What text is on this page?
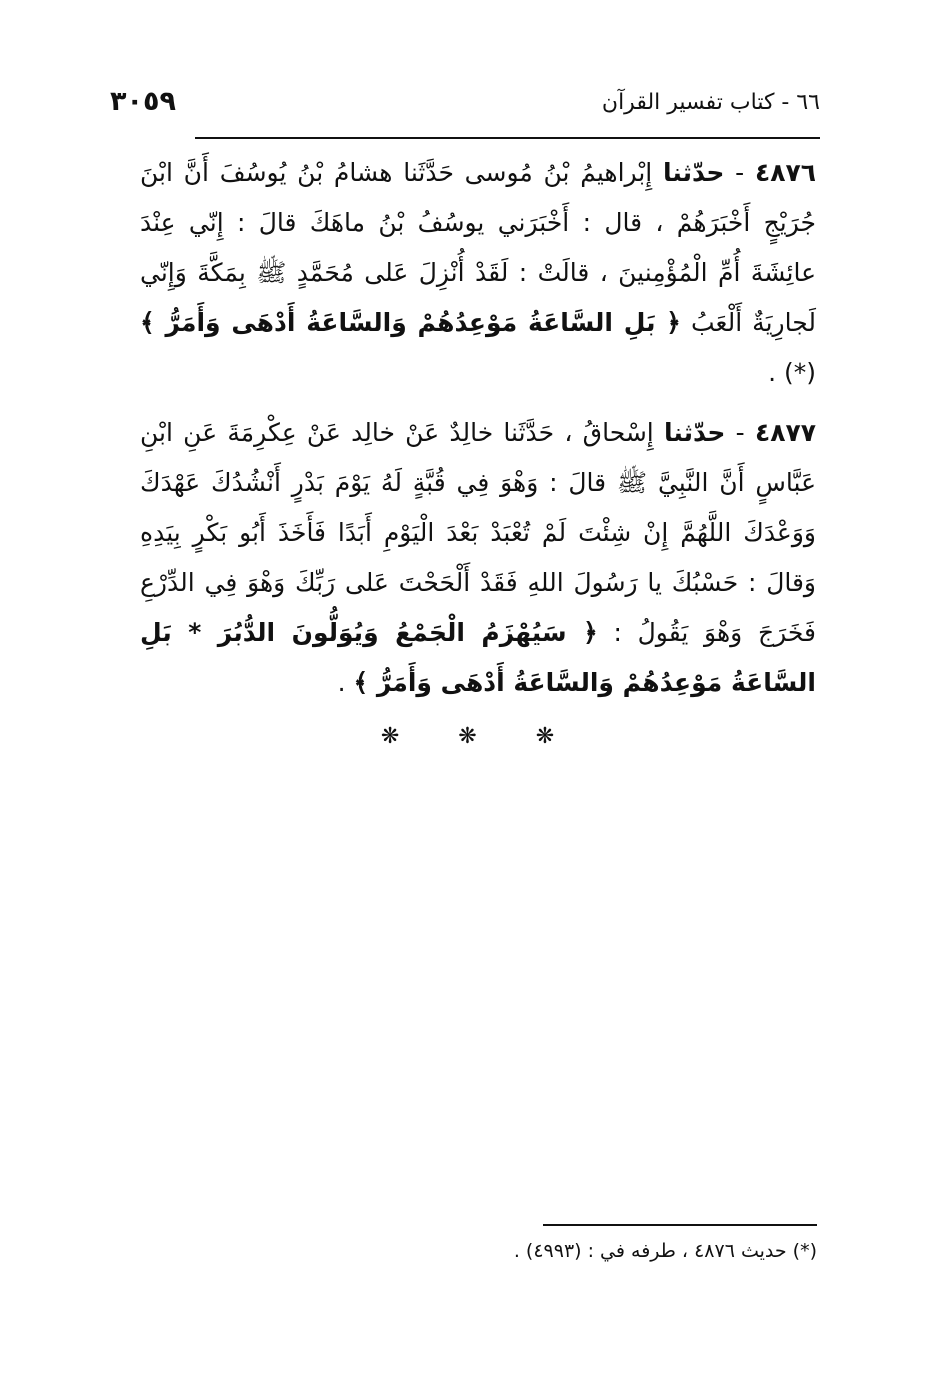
٣٠٥٩	٦٦ - كتاب تفسير القرآن

٤٨٧٦ - حدّثنا إِبْراهيمُ بْنُ مُوسى حَدَّثَنا هشامُ بْنُ يُوسُفَ أَنَّ ابْنَ جُرَيْجٍ أَخْبَرَهُمْ ، قال : أَخْبَرَني يوسُفُ بْنُ ماهَكَ قالَ : إِنّي عِنْدَ عائِشَةَ أُمِّ الْمُؤْمِنينَ ، قالَتْ : لَقَدْ أُنْزِلَ عَلى مُحَمَّدٍ ﷺ بِمَكَّةَ وَإِنّي لَجارِيَةٌ أَلْعَبُ ﴿ بَلِ السَّاعَةُ مَوْعِدُهُمْ وَالسَّاعَةُ أَدْهَى وَأَمَرُّ ﴾(*) .

٤٨٧٧ - حدّثنا إِسْحاقُ ، حَدَّثَنا خالِدٌ عَنْ خالِد عَنْ عِكْرِمَةَ عَنِ ابْنِ عَبَّاسٍ أَنَّ النَّبِيَّ ﷺ قالَ : وَهْوَ فِي قُبَّةٍ لَهُ يَوْمَ بَدْرٍ أَنْشُدُكَ عَهْدَكَ وَوَعْدَكَ اللَّهُمَّ إِنْ شِئْتَ لَمْ تُعْبَدْ بَعْدَ الْيَوْمِ أَبَدًا فَأَخَذَ أَبُو بَكْرٍ بِيَدِهِ وَقالَ : حَسْبُكَ يا رَسُولَ اللهِ فَقَدْ أَلْحَحْتَ عَلى رَبِّكَ وَهْوَ فِي الدِّرْعِ فَخَرَجَ وَهْوَ يَقُولُ : ﴿ سَيُهْزَمُ الْجَمْعُ وَيُوَلُّونَ الدُّبُرَ * بَلِ السَّاعَةُ مَوْعِدُهُمْ وَالسَّاعَةُ أَدْهَى وَأَمَرُّ ﴾ .

❋	❋	❋
(*) حديث ٤٨٧٦ ، طرفه في : (٤٩٩٣) .
